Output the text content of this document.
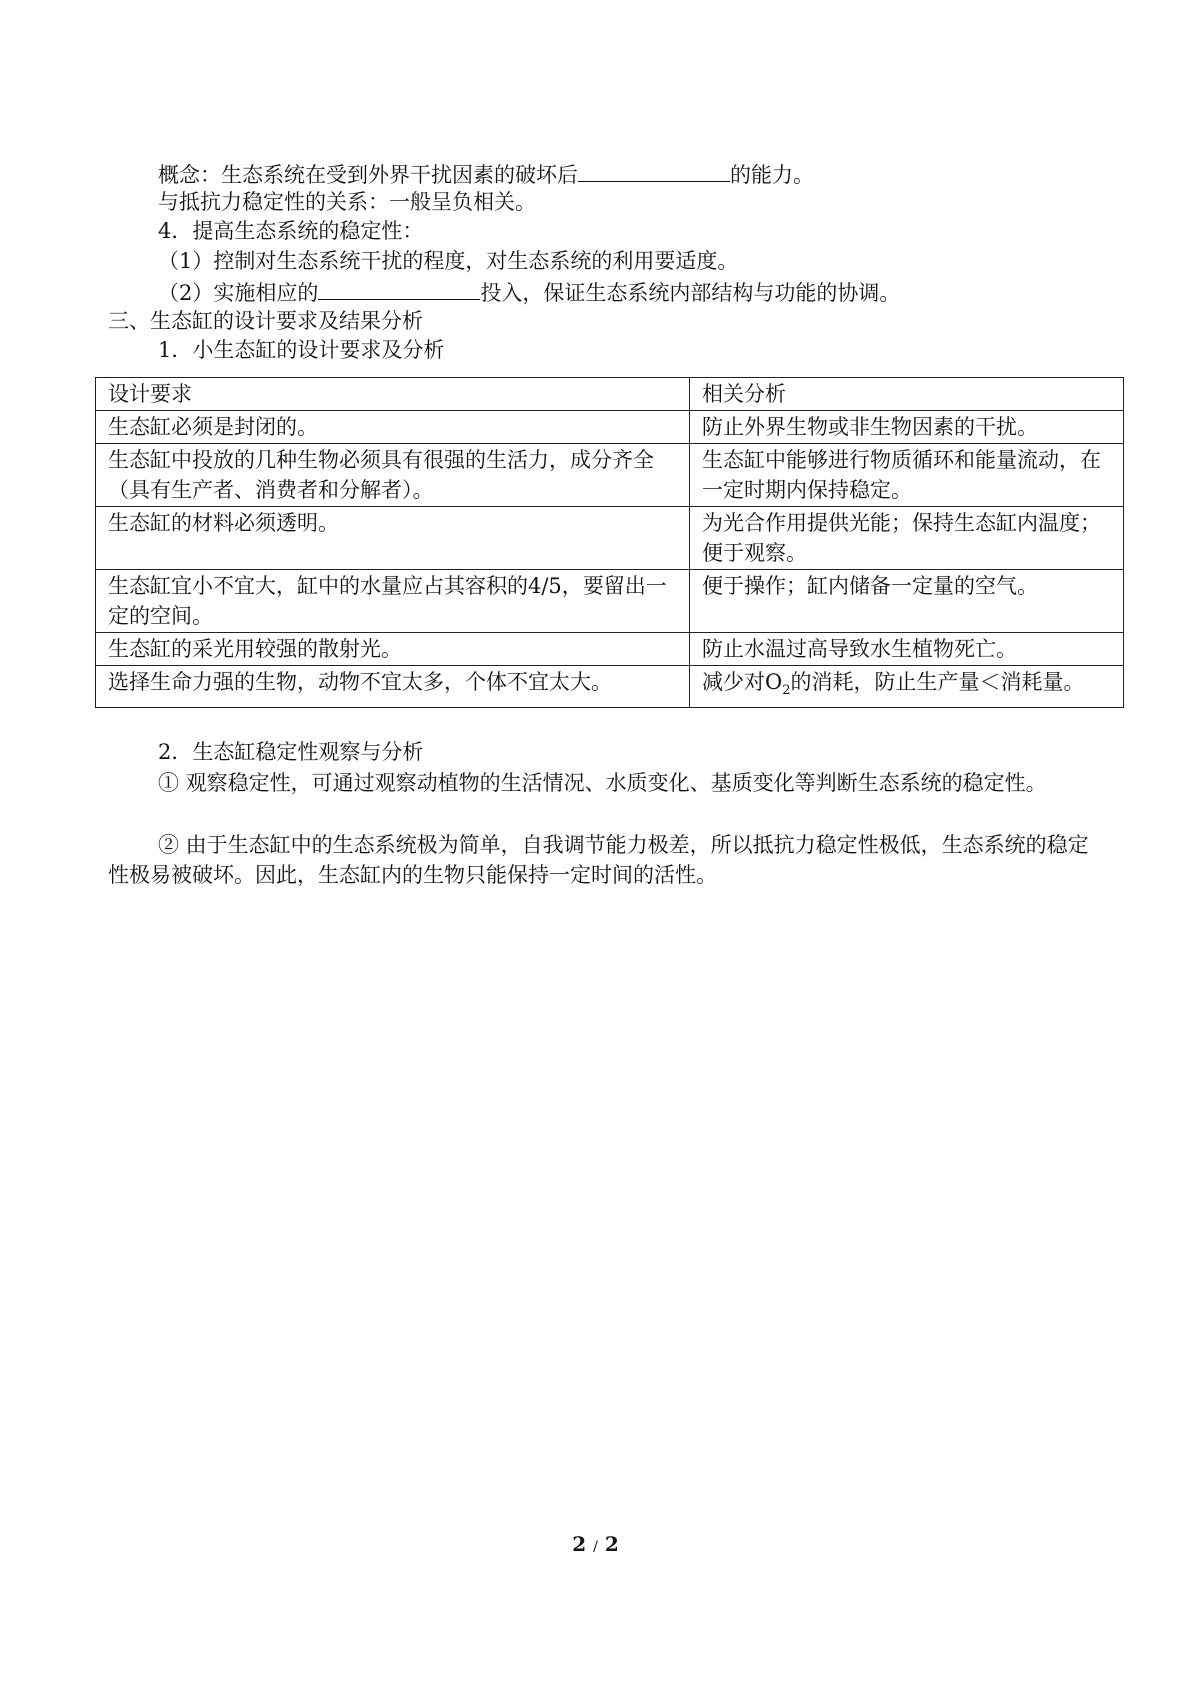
概念：生态系统在受到外界干扰因素的破坏后	的能力。
与抵抗力稳定性的关系：一般呈负相关。
4．提高生态系统的稳定性：
（1）控制对生态系统干扰的程度，对生态系统的利用要适度。
（2）实施相应的	投入，保证生态系统内部结构与功能的协调。
三、生态缸的设计要求及结果分析
1．小生态缸的设计要求及分析
设计要求	相关分析
生态缸必须是封闭的。	防止外界生物或非生物因素的干扰。
生态缸中投放的几种生物必须具有很强的生活力，成分齐全（具有生产者、消费者和分解者）。	生态缸中能够进行物质循环和能量流动，在一定时期内保持稳定。
生态缸的材料必须透明。	为光合作用提供光能；保持生态缸内温度；便于观察。
生态缸宜小不宜大，缸中的水量应占其容积的4/5，要留出一定的空间。	便于操作；缸内储备一定量的空气。
生态缸的采光用较强的散射光。	防止水温过高导致水生植物死亡。
选择生命力强的生物，动物不宜太多，个体不宜太大。	减少对$O_2$的消耗，防止生产量＜消耗量。
2．生态缸稳定性观察与分析
① 观察稳定性，可通过观察动植物的生活情况、水质变化、基质变化等判断生态系统的稳定性。
② 由于生态缸中的生态系统极为简单，自我调节能力极差，所以抵抗力稳定性极低，生态系统的稳定性极易被破坏。因此，生态缸内的生物只能保持一定时间的活性。
2 / 2
